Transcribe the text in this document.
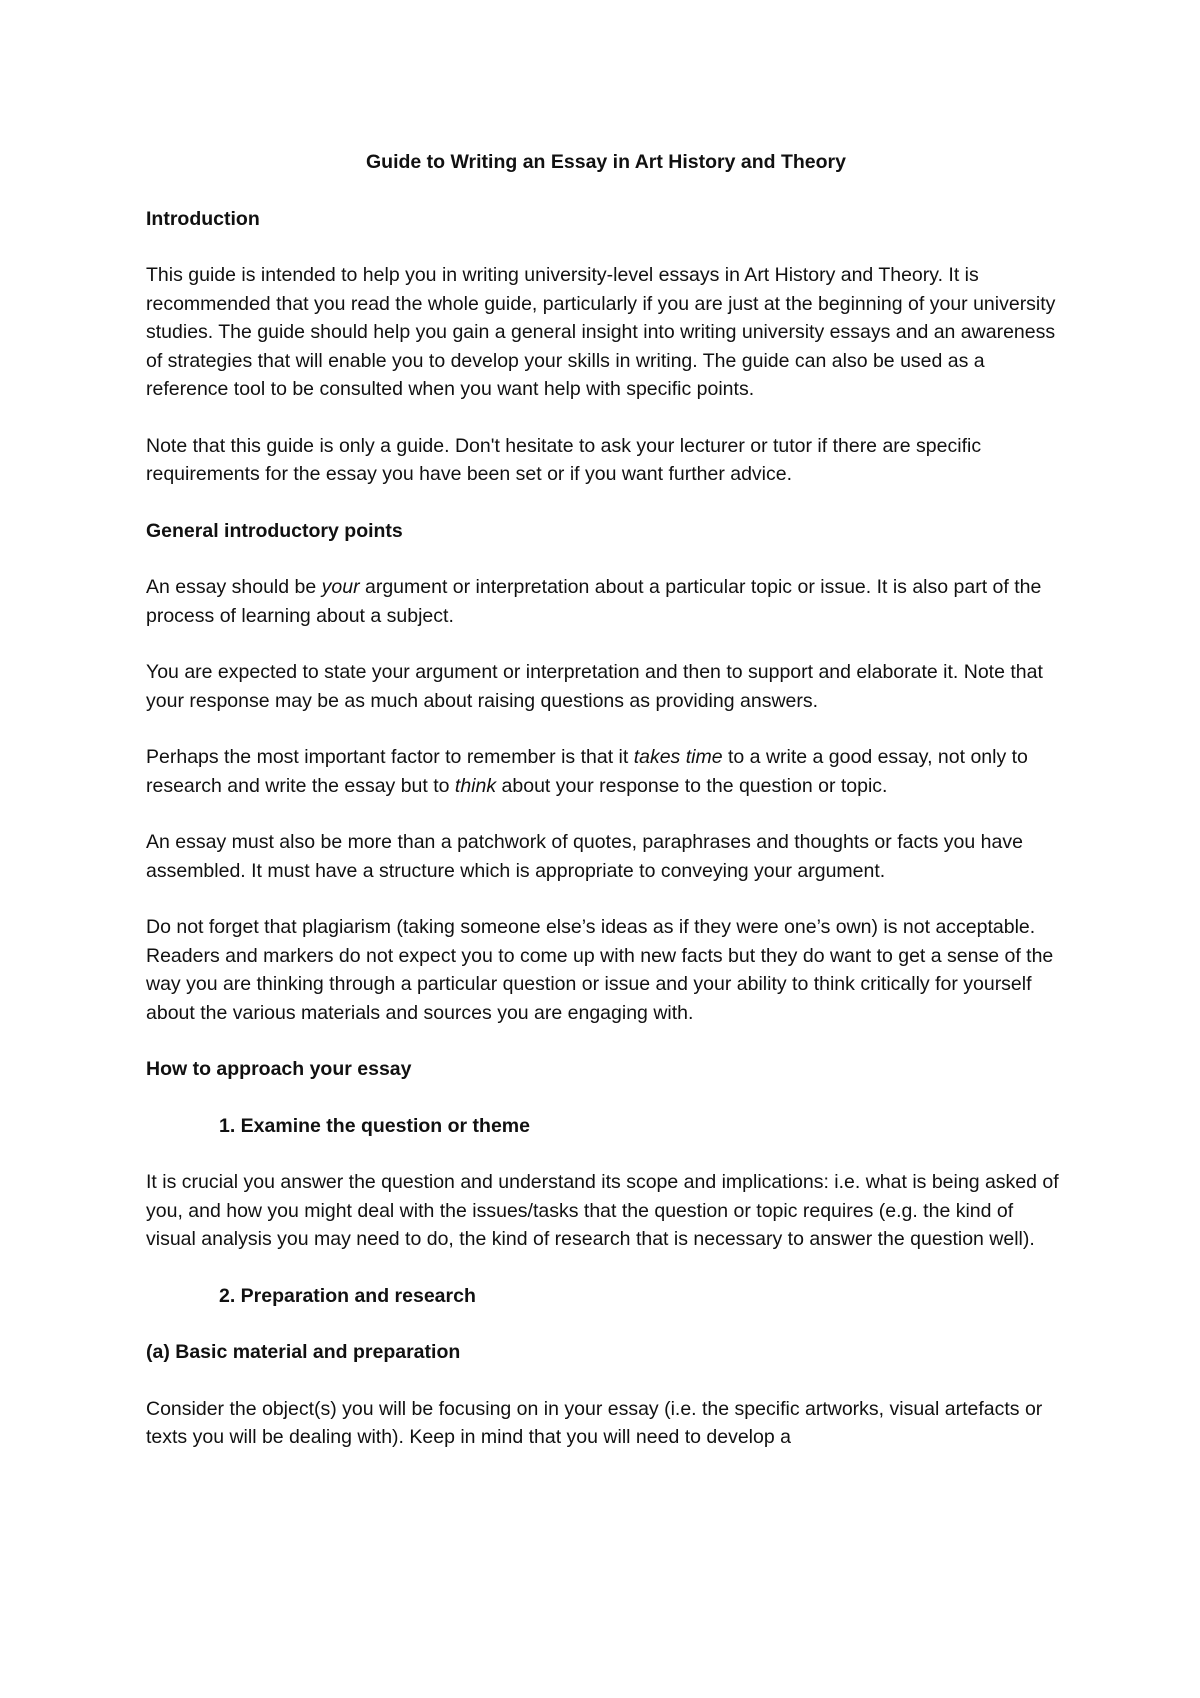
Guide to Writing an Essay in Art History and Theory

Introduction

This guide is intended to help you in writing university-level essays in Art History and Theory. It is recommended that you read the whole guide, particularly if you are just at the beginning of your university studies. The guide should help you gain a general insight into writing university essays and an awareness of strategies that will enable you to develop your skills in writing. The guide can also be used as a reference tool to be consulted when you want help with specific points.

Note that this guide is only a guide. Don't hesitate to ask your lecturer or tutor if there are specific requirements for the essay you have been set or if you want further advice.

General introductory points

An essay should be your argument or interpretation about a particular topic or issue. It is also part of the process of learning about a subject.

You are expected to state your argument or interpretation and then to support and elaborate it. Note that your response may be as much about raising questions as providing answers.

Perhaps the most important factor to remember is that it takes time to a write a good essay, not only to research and write the essay but to think about your response to the question or topic.

An essay must also be more than a patchwork of quotes, paraphrases and thoughts or facts you have assembled. It must have a structure which is appropriate to conveying your argument.

Do not forget that plagiarism (taking someone else’s ideas as if they were one’s own) is not acceptable. Readers and markers do not expect you to come up with new facts but they do want to get a sense of the way you are thinking through a particular question or issue and your ability to think critically for yourself about the various materials and sources you are engaging with.

How to approach your essay

1. Examine the question or theme

It is crucial you answer the question and understand its scope and implications: i.e. what is being asked of you, and how you might deal with the issues/tasks that the question or topic requires (e.g. the kind of visual analysis you may need to do, the kind of research that is necessary to answer the question well).

2. Preparation and research

(a) Basic material and preparation

Consider the object(s) you will be focusing on in your essay (i.e. the specific artworks, visual artefacts or texts you will be dealing with). Keep in mind that you will need to develop a
